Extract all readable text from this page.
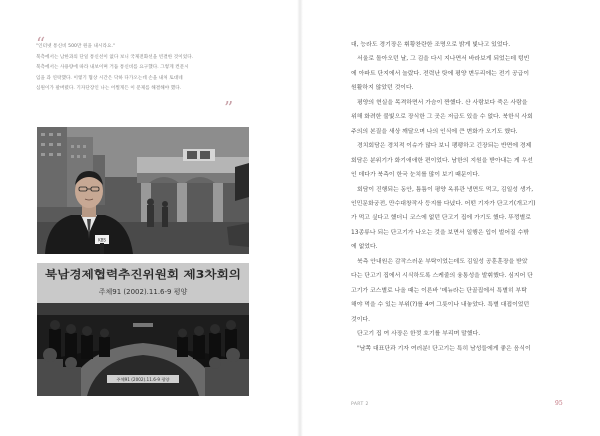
“

"인터넷 통신비 500만 원을 내시라요."

북측에서는 남한과의 단일 통신선이 없다 보니 국제전화선을 빈결한 것이었다.

북측에서는 사용량에 따라 내보이며 거듭 통신비를 요구했다. 그렇게 컨문시

임을 과 연락했다. 이렇기 협상 시간은 닥하 다가오는데 손을 내처 토대네

심원이가 팔버렸다. 기자단장인 나는 어쩔게든 이 문제를 해결해야 했다.

”
KBS
북남경제협력추진위원회 제3차회의
주체91 (2002).11.6-9 평양
주체91 (2002).11.6-9 평양

대, 능라도 경기장은 휘황찬란한 조명으로 밝게 빛나고 있었다.

서울로 돌아오던 날, 그 김을 다시 지나면서 바라보게 되었는데 텅빈

에 아파트 단지에서 놀랐다. 전력난 탓에 평양 변두리에는 전기 공급이

원활하지 않았던 것이다.

평양의 현실을 목격하면서 가슴이 짠했다. 산 사람보다 죽은 사람을

위해 화려한 불빛으로 장식한 그 곳은 저급도 있을 수 없다. 북한식 사회

주의의 본질을 새상 깨달으며 나의 인식에 큰 변화가 오기도 했다.

경치회담은 경치적 이슈가 많다 보니 팽팽하고 긴장되는 반면에 경제

회담은 분위기가 화기애애한 편이었다. 남한의 지원을 받아내는 게 우선

인 데다가 북측이 한국 눈치를 많이 보기 때문이다.

회담이 진행되는 동안, 틈틈이 평양 옥류관 냉면도 먹고, 김일성 생가,

인민문화궁전, 만수대창작사 등지를 다녔다. 어떤 기자가 단고기(개고기)

가 먹고 싶다고 했더니 코스에 없던 단고기 집에 가기도 했다. 뚜껑별로

13종류나 되는 단고기가 나오는 것을 보면서 일행은 입이 벌어질 수밖

에 없었다.

북측 안내원은 감작스러운 부탁이었는데도 김일성 공훈훈장을 받았

다는 단고기 집에서 시식하도록 스케줄의 융통성을 발휘했다. 심지어 단

고기가 코스별로 나올 때는 이른바 '메뉴라는 단골집에서 특별히 부탁

해야 먹을 수 있는 부위(?)를 4여 그릇이나 내놓았다. 특별 대접이었던

것이다.

단고기 집 여 사장은 한껏 호기를 부리며 말했다.

"남쪽 대표단과 기자 여러분! 단고기는 특히 남성들에게 좋은 음식이

PART 2	95
